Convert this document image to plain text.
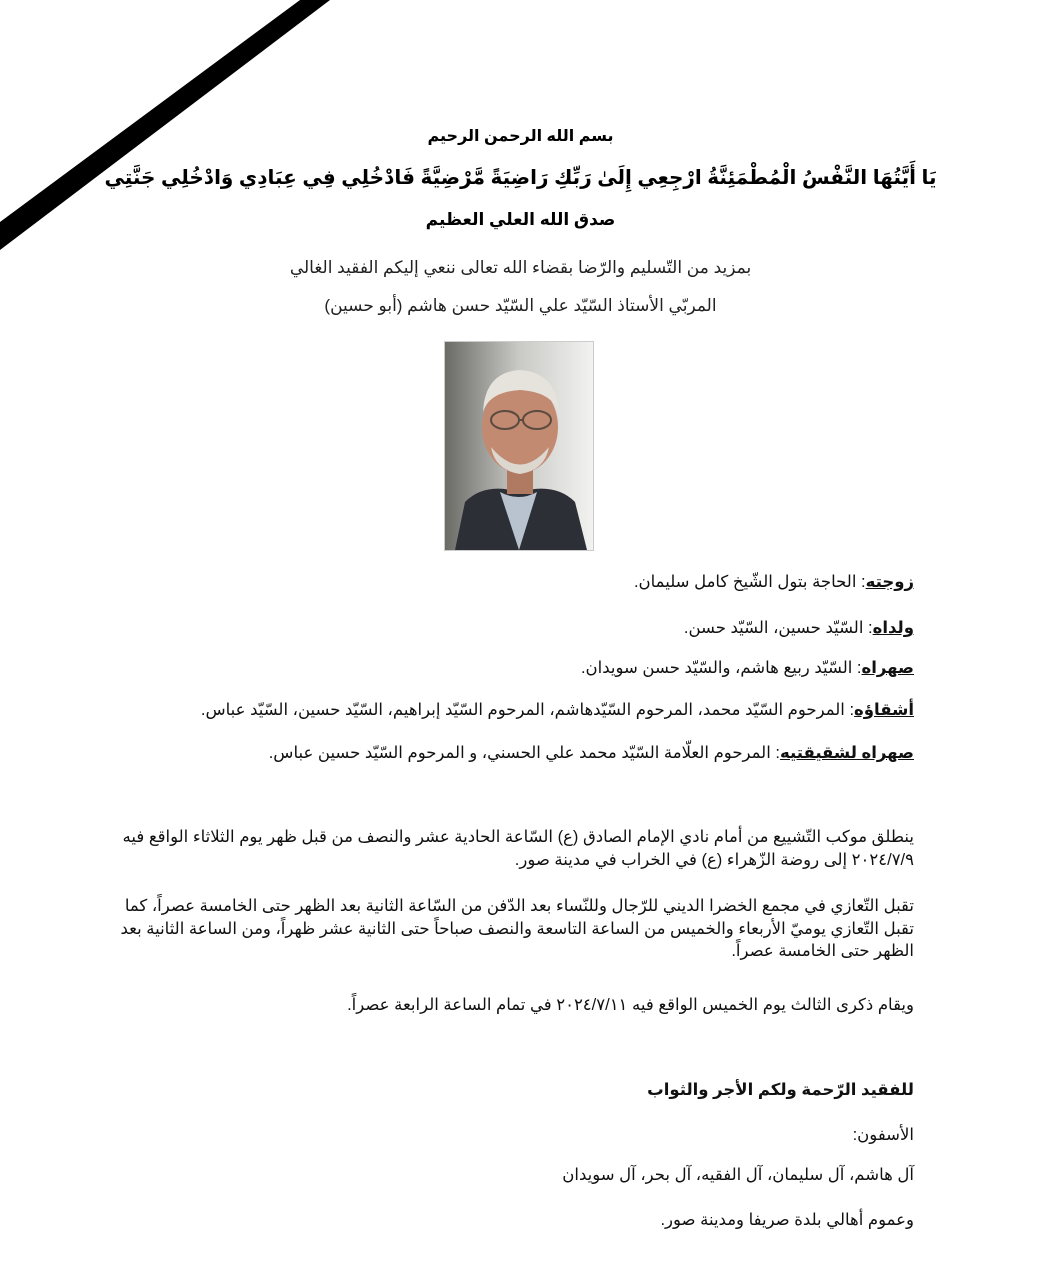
بسم الله الرحمن الرحيم
يَا أَيَّتُهَا النَّفْسُ الْمُطْمَئِنَّةُ ارْجِعِي إِلَىٰ رَبِّكِ رَاضِيَةً مَّرْضِيَّةً فَادْخُلِي فِي عِبَادِي وَادْخُلِي جَنَّتِي
صدق الله العلي العظيم
بمزيد من التّسليم والرّضا بقضاء الله تعالى ننعي إليكم الفقيد الغالي
المربّي الأستاذ السّيّد علي السّيّد حسن هاشم (أبو حسين)
زوجته: الحاجة بتول الشّيخ كامل سليمان.
ولداه: السّيّد حسين، السّيّد حسن.
صهراه: السّيّد ربيع هاشم، والسّيّد حسن سويدان.
أشقاؤه: المرحوم السّيّد محمد، المرحوم السّيّدهاشم، المرحوم السّيّد إبراهيم، السّيّد حسين، السّيّد عباس.
صهراه لشقيقتيه: المرحوم العلّامة السّيّد محمد علي الحسني، و المرحوم السّيّد حسين عباس.
ينطلق موكب التّشييع من أمام نادي الإمام الصادق (ع) السّاعة الحادية عشر والنصف من قبل ظهر يوم الثلاثاء الواقع فيه ٢٠٢٤/٧/٩ إلى روضة الزّهراء (ع) في الخراب في مدينة صور.
تقبل التّعازي في مجمع الخضرا الديني للرّجال وللنّساء بعد الدّفن من السّاعة الثانية بعد الظهر حتى الخامسة عصراً، كما تقبل التّعازي يوميّ الأربعاء والخميس من الساعة التاسعة والنصف صباحاً حتى الثانية عشر ظهراً، ومن الساعة الثانية بعد الظهر حتى الخامسة عصراً.
ويقام ذكرى الثالث يوم الخميس الواقع فيه ٢٠٢٤/٧/١١ في تمام الساعة الرابعة عصراً.
للفقيد الرّحمة ولكم الأجر والثواب
الأسفون:
آل هاشم، آل سليمان، آل الفقيه، آل بحر، آل سويدان
وعموم أهالي بلدة صريفا ومدينة صور.
